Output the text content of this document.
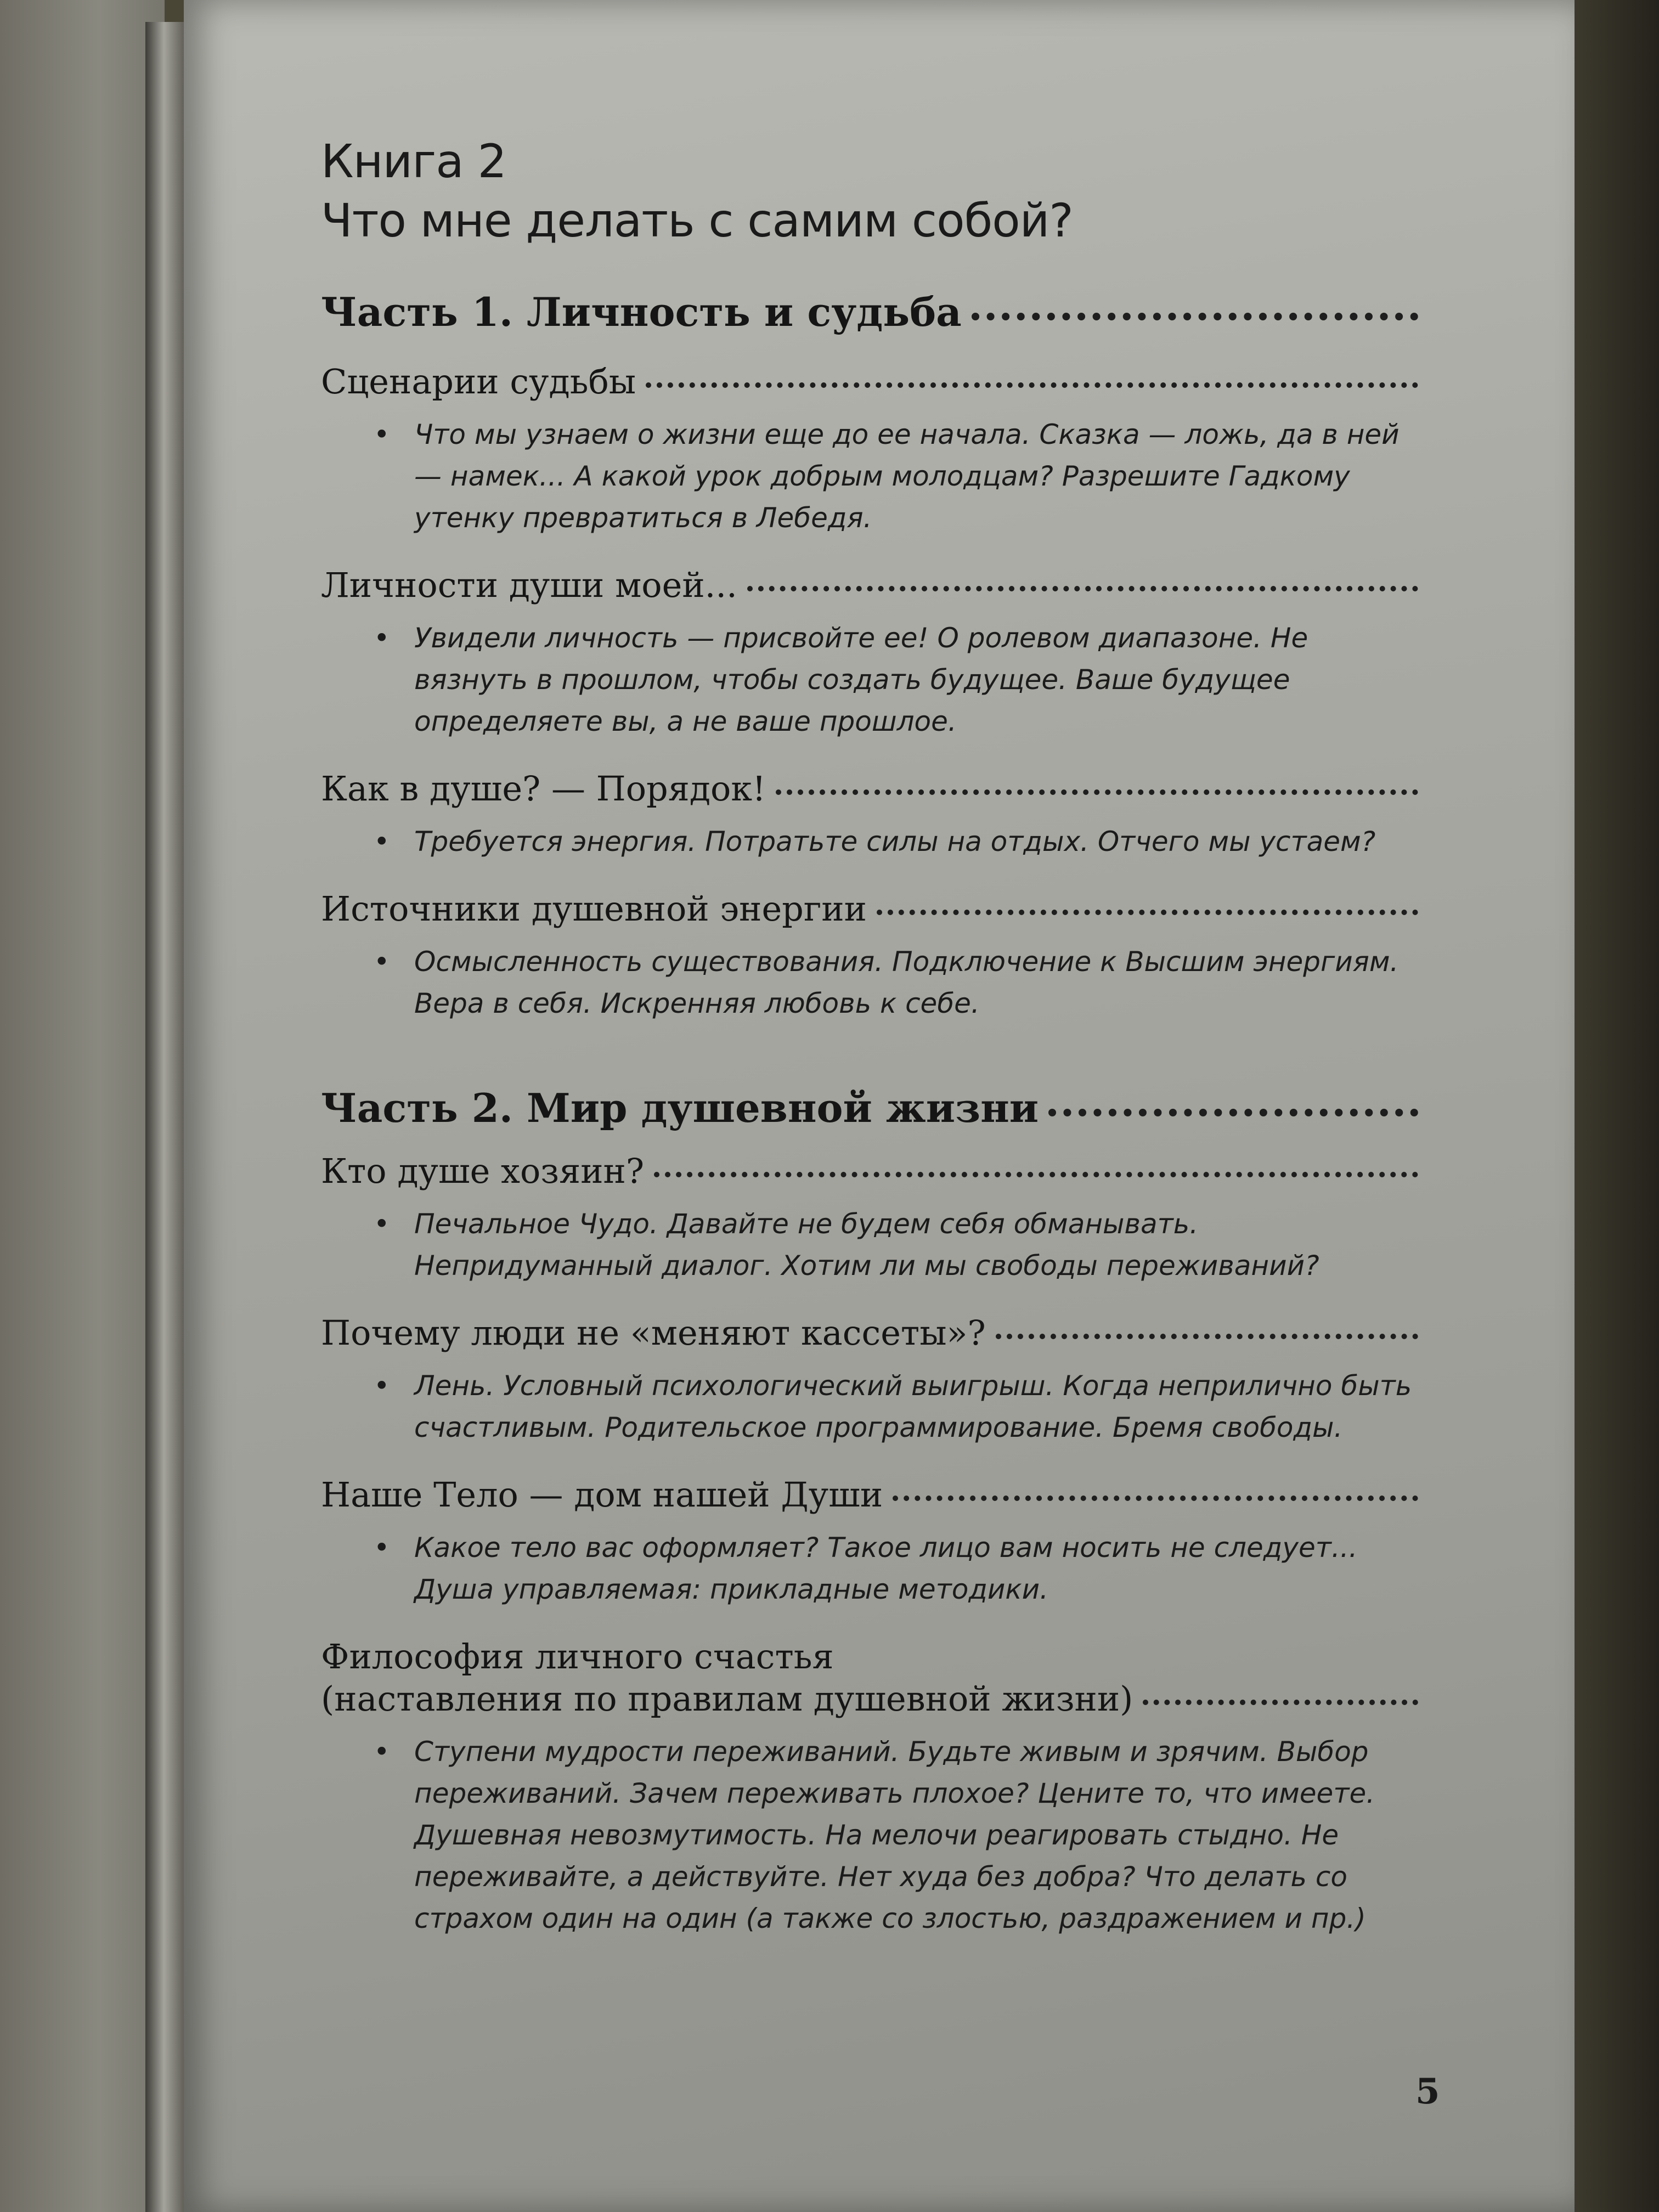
Книга 2
Что мне делать с самим собой?
Часть 1. Личность и судьба
Сценарии судьбы
• Что мы узнаем о жизни еще до ее начала. Сказка — ложь, да в ней — намек... А какой урок добрым молодцам? Разрешите Гадкому утенку превратиться в Лебедя.
Личности души моей...
• Увидели личность — присвойте ее! О ролевом диапазоне. Не вязнуть в прошлом, чтобы создать будущее. Ваше будущее определяете вы, а не ваше прошлое.
Как в душе? — Порядок!
• Требуется энергия. Потратьте силы на отдых. Отчего мы устаем?
Источники душевной энергии
• Осмысленность существования. Подключение к Высшим энергиям. Вера в себя. Искренняя любовь к себе.
Часть 2. Мир душевной жизни
Кто душе хозяин?
• Печальное Чудо. Давайте не будем себя обманывать. Непридуманный диалог. Хотим ли мы свободы переживаний?
Почему люди не «меняют кассеты»?
• Лень. Условный психологический выигрыш. Когда неприлично быть счастливым. Родительское программирование. Бремя свободы.
Наше Тело — дом нашей Души
• Какое тело вас оформляет? Такое лицо вам носить не следует... Душа управляемая: прикладные методики.
Философия личного счастья
(наставления по правилам душевной жизни)
• Ступени мудрости переживаний. Будьте живым и зрячим. Выбор переживаний. Зачем переживать плохое? Цените то, что имеете. Душевная невозмутимость. На мелочи реагировать стыдно. Не переживайте, а действуйте. Нет худа без добра? Что делать со страхом один на один (а также со злостью, раздражением и пр.)
5
